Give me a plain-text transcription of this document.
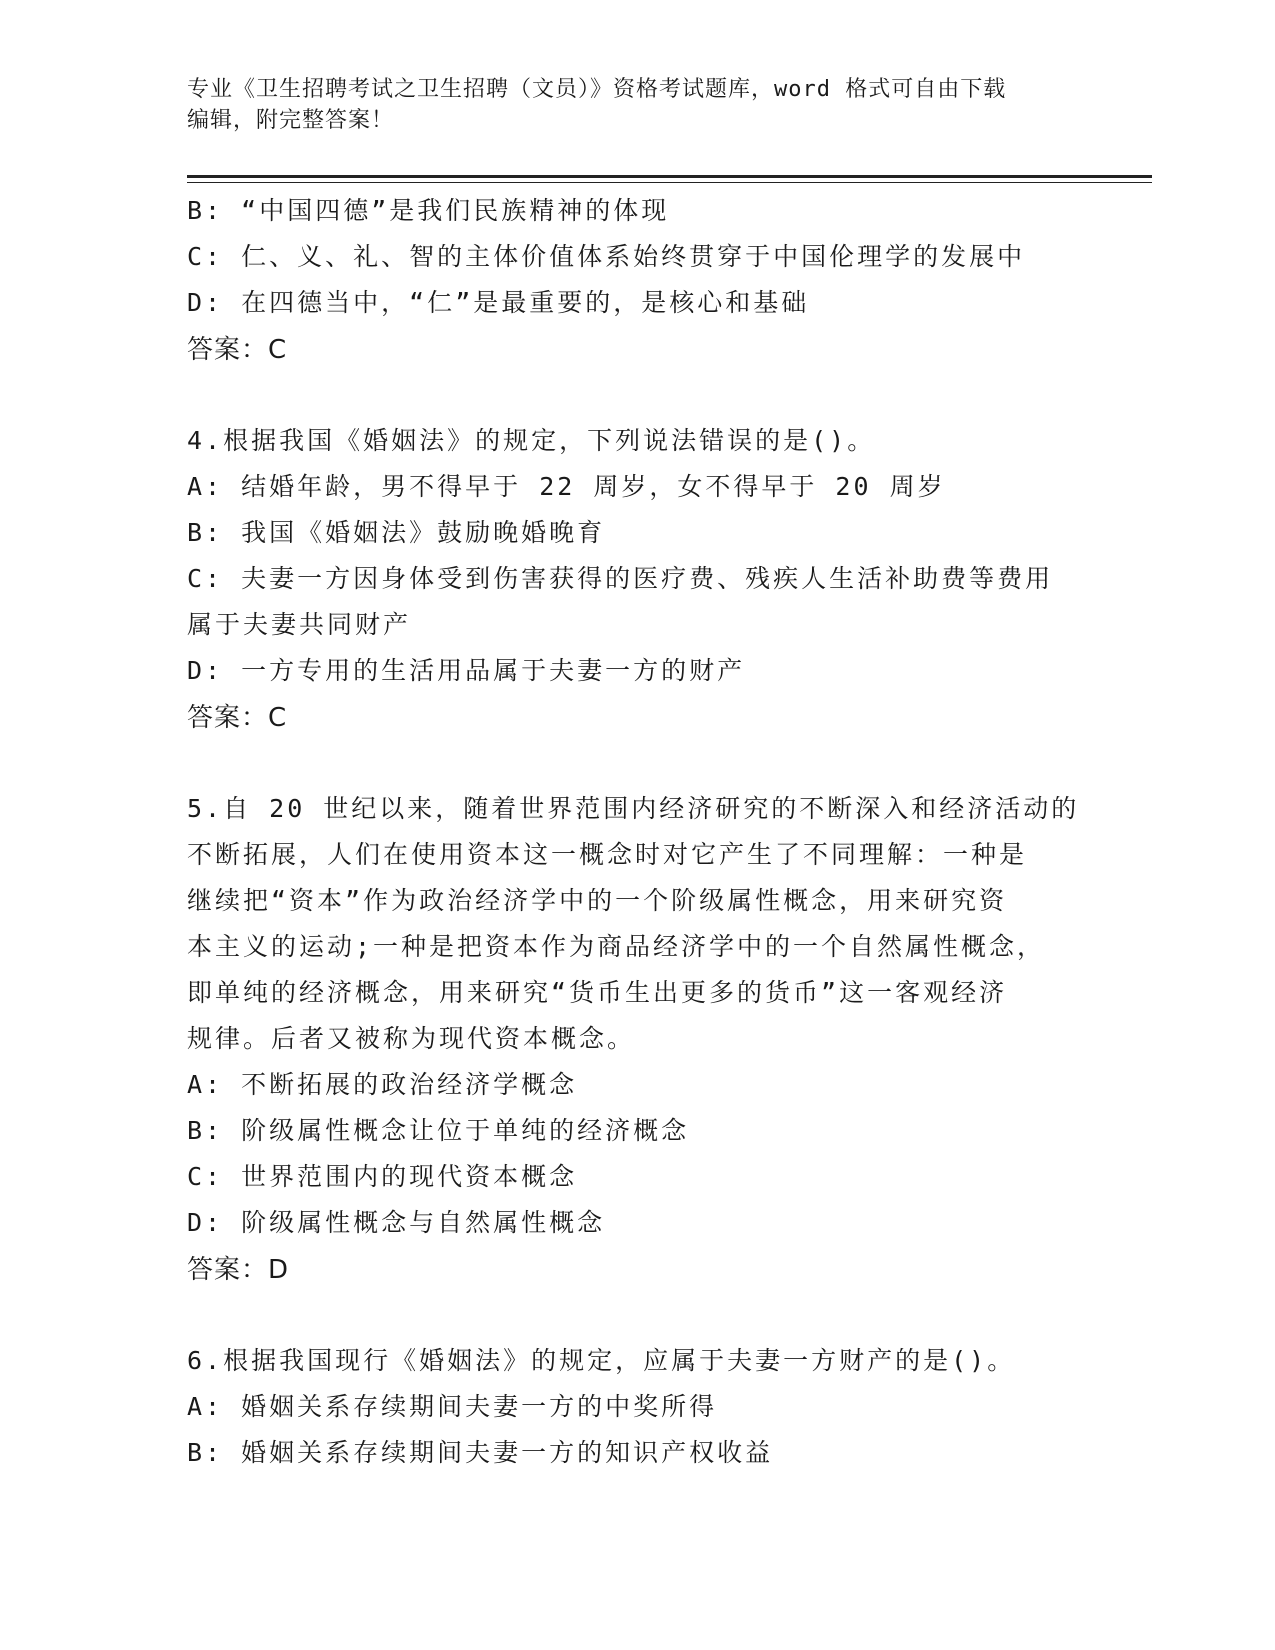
专业《卫生招聘考试之卫生招聘（文员）》资格考试题库，word 格式可自由下载
编辑，附完整答案！
B: “中国四德”是我们民族精神的体现
C: 仁、义、礼、智的主体价值体系始终贯穿于中国伦理学的发展中
D: 在四德当中，“仁”是最重要的，是核心和基础
答案：C
4.根据我国《婚姻法》的规定，下列说法错误的是()。
A: 结婚年龄，男不得早于 22 周岁，女不得早于 20 周岁
B: 我国《婚姻法》鼓励晚婚晚育
C: 夫妻一方因身体受到伤害获得的医疗费、残疾人生活补助费等费用
属于夫妻共同财产
D: 一方专用的生活用品属于夫妻一方的财产
答案：C
5.自 20 世纪以来，随着世界范围内经济研究的不断深入和经济活动的
不断拓展，人们在使用资本这一概念时对它产生了不同理解：一种是
继续把“资本”作为政治经济学中的一个阶级属性概念，用来研究资
本主义的运动;一种是把资本作为商品经济学中的一个自然属性概念，
即单纯的经济概念，用来研究“货币生出更多的货币”这一客观经济
规律。后者又被称为现代资本概念。
A: 不断拓展的政治经济学概念
B: 阶级属性概念让位于单纯的经济概念
C: 世界范围内的现代资本概念
D: 阶级属性概念与自然属性概念
答案：D
6.根据我国现行《婚姻法》的规定，应属于夫妻一方财产的是()。
A: 婚姻关系存续期间夫妻一方的中奖所得
B: 婚姻关系存续期间夫妻一方的知识产权收益
